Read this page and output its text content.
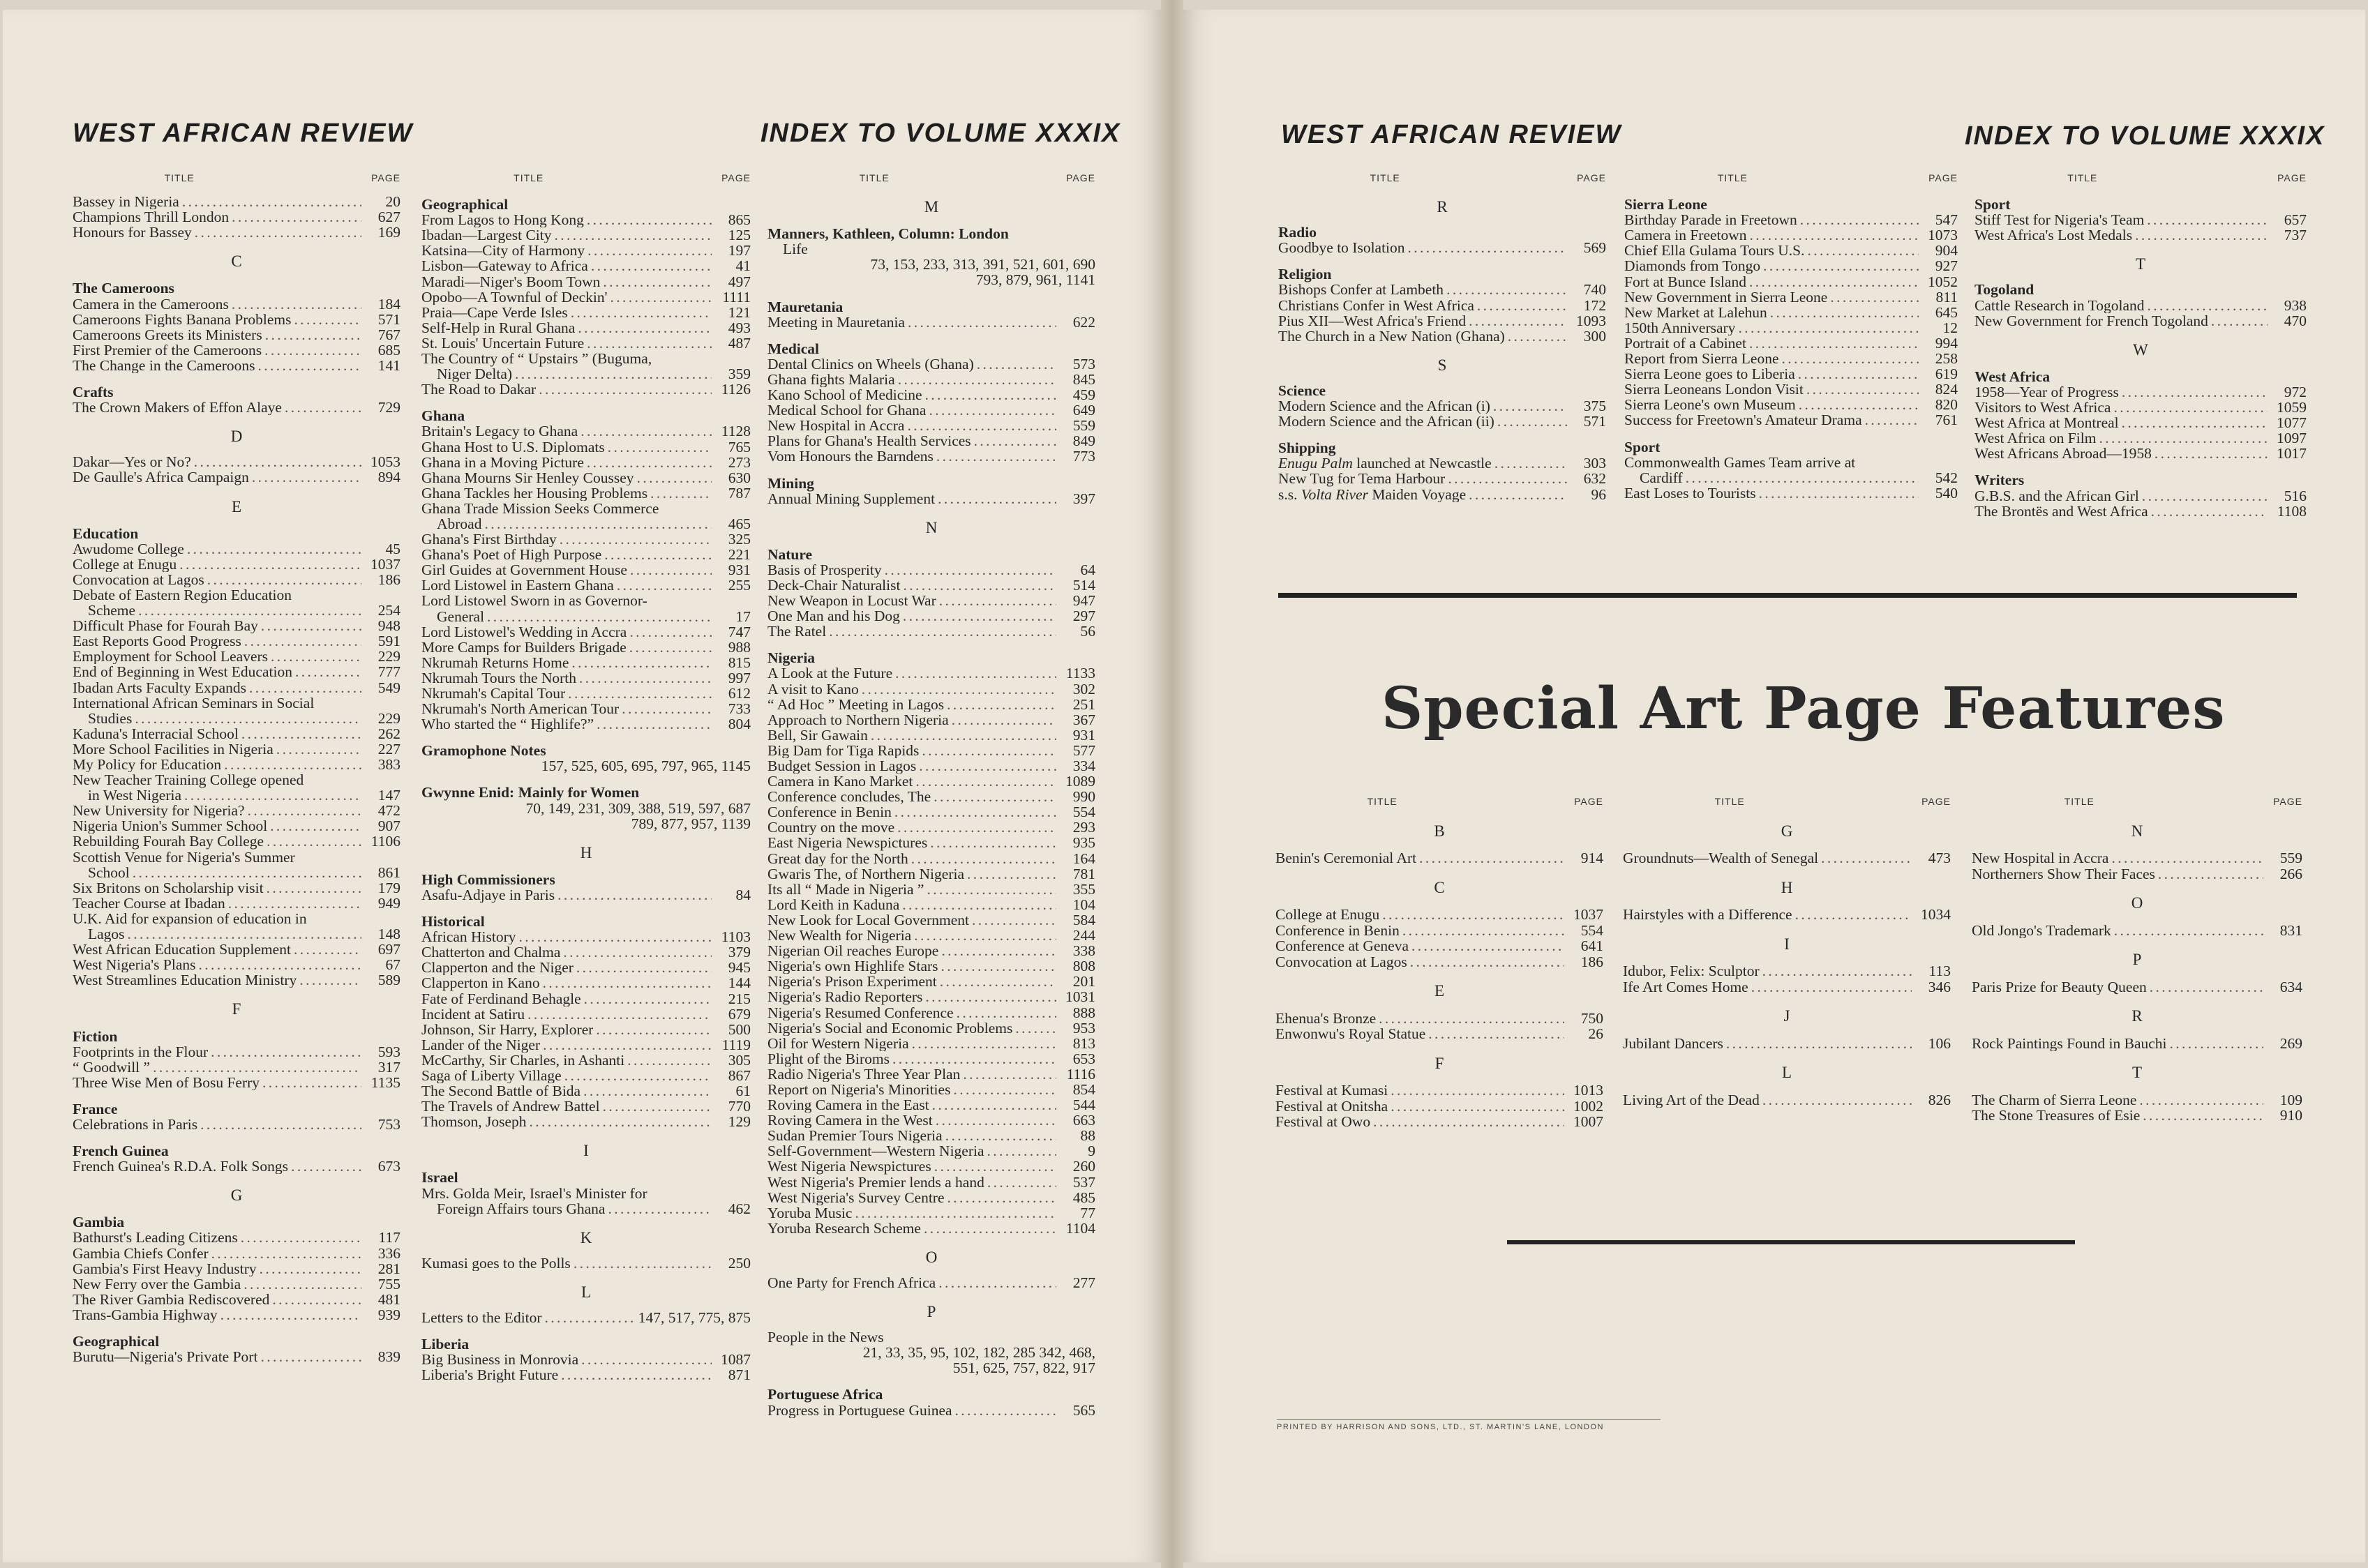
WEST AFRICAN REVIEW	INDEX TO VOLUME XXXIX	WEST AFRICAN REVIEW	INDEX TO VOLUME XXXIX
TITLE	PAGE
Bassey in Nigeria . . .	20
Champions Thrill London . . .	627
Honours for Bassey . . .	169
C
The Cameroons
Camera in the Cameroons . . .	184
Cameroons Fights Banana Problems . . .	571
Cameroons Greets its Ministers . . .	767
First Premier of the Cameroons . . .	685
The Change in the Cameroons . . .	141
Crafts
The Crown Makers of Effon Alaye . . .	729
D
Dakar—Yes or No? . . .	1053
De Gaulle's Africa Campaign . . .	894
E
Education
Awudome College . . .	45
College at Enugu . . .	1037
Convocation at Lagos . . .	186
Debate of Eastern Region Education
Scheme . . .	254
Difficult Phase for Fourah Bay . . .	948
East Reports Good Progress . . .	591
Employment for School Leavers . . .	229
End of Beginning in West Education . . .	777
Ibadan Arts Faculty Expands . . .	549
International African Seminars in Social
Studies . . .	229
Kaduna's Interracial School . . .	262
More School Facilities in Nigeria . . .	227
My Policy for Education . . .	383
New Teacher Training College opened
in West Nigeria . . .	147
New University for Nigeria? . . .	472
Nigeria Union's Summer School . . .	907
Rebuilding Fourah Bay College . . .	1106
Scottish Venue for Nigeria's Summer
School . . .	861
Six Britons on Scholarship visit . . .	179
Teacher Course at Ibadan . . .	949
U.K. Aid for expansion of education in
Lagos . . .	148
West African Education Supplement . . .	697
West Nigeria's Plans . . .	67
West Streamlines Education Ministry . . .	589
F
Fiction
Footprints in the Flour . . .	593
“ Goodwill ” . . .	317
Three Wise Men of Bosu Ferry . . .	1135
France
Celebrations in Paris . . .	753
French Guinea
French Guinea's R.D.A. Folk Songs . . .	673
G
Gambia
Bathurst's Leading Citizens . . .	117
Gambia Chiefs Confer . . .	336
Gambia's First Heavy Industry . . .	281
New Ferry over the Gambia . . .	755
The River Gambia Rediscovered . . .	481
Trans-Gambia Highway . . .	939
Geographical
Burutu—Nigeria's Private Port . . .	839
TITLE	PAGE
Geographical
From Lagos to Hong Kong . . .	865
Ibadan—Largest City . . .	125
Katsina—City of Harmony . . .	197
Lisbon—Gateway to Africa . . .	41
Maradi—Niger's Boom Town . . .	497
Opobo—A Townful of Deckin' . . .	1111
Praia—Cape Verde Isles . . .	121
Self-Help in Rural Ghana . . .	493
St. Louis' Uncertain Future . . .	487
The Country of “ Upstairs ” (Buguma,
Niger Delta) . . .	359
The Road to Dakar . . .	1126
Ghana
Britain's Legacy to Ghana . . .	1128
Ghana Host to U.S. Diplomats . . .	765
Ghana in a Moving Picture . . .	273
Ghana Mourns Sir Henley Coussey . . .	630
Ghana Tackles her Housing Problems . . .	787
Ghana Trade Mission Seeks Commerce
Abroad . . .	465
Ghana's First Birthday . . .	325
Ghana's Poet of High Purpose . . .	221
Girl Guides at Government House . . .	931
Lord Listowel in Eastern Ghana . . .	255
Lord Listowel Sworn in as Governor-
General . . .	17
Lord Listowel's Wedding in Accra . . .	747
More Camps for Builders Brigade . . .	988
Nkrumah Returns Home . . .	815
Nkrumah Tours the North . . .	997
Nkrumah's Capital Tour . . .	612
Nkrumah's North American Tour . . .	733
Who started the “ Highlife?” . . .	804
Gramophone Notes
157, 525, 605, 695, 797, 965, 1145
Gwynne Enid: Mainly for Women
70, 149, 231, 309, 388, 519, 597, 687
789, 877, 957, 1139
H
High Commissioners
Asafu-Adjaye in Paris . . .	84
Historical
African History . . .	1103
Chatterton and Chalma . . .	379
Clapperton and the Niger . . .	945
Clapperton in Kano . . .	144
Fate of Ferdinand Behagle . . .	215
Incident at Satiru . . .	679
Johnson, Sir Harry, Explorer . . .	500
Lander of the Niger . . .	1119
McCarthy, Sir Charles, in Ashanti . . .	305
Saga of Liberty Village . . .	867
The Second Battle of Bida . . .	61
The Travels of Andrew Battel . . .	770
Thomson, Joseph . . .	129
I
Israel
Mrs. Golda Meir, Israel's Minister for
Foreign Affairs tours Ghana . . .	462
K
Kumasi goes to the Polls . . .	250
L
Letters to the Editor . . .	147, 517, 775, 875
Liberia
Big Business in Monrovia . . .	1087
Liberia's Bright Future . . .	871
TITLE	PAGE
M
Manners, Kathleen, Column: London
Life
73, 153, 233, 313, 391, 521, 601, 690
793, 879, 961, 1141
Mauretania
Meeting in Mauretania . . .	622
Medical
Dental Clinics on Wheels (Ghana) . . .	573
Ghana fights Malaria . . .	845
Kano School of Medicine . . .	459
Medical School for Ghana . . .	649
New Hospital in Accra . . .	559
Plans for Ghana's Health Services . . .	849
Vom Honours the Barndens . . .	773
Mining
Annual Mining Supplement . . .	397
N
Nature
Basis of Prosperity . . .	64
Deck-Chair Naturalist . . .	514
New Weapon in Locust War . . .	947
One Man and his Dog . . .	297
The Ratel . . .	56
Nigeria
A Look at the Future . . .	1133
A visit to Kano . . .	302
“ Ad Hoc ” Meeting in Lagos . . .	251
Approach to Northern Nigeria . . .	367
Bell, Sir Gawain . . .	931
Big Dam for Tiga Rapids . . .	577
Budget Session in Lagos . . .	334
Camera in Kano Market . . .	1089
Conference concludes, The . . .	990
Conference in Benin . . .	554
Country on the move . . .	293
East Nigeria Newspictures . . .	935
Great day for the North . . .	164
Gwaris The, of Northern Nigeria . . .	781
Its all “ Made in Nigeria ” . . .	355
Lord Keith in Kaduna . . .	104
New Look for Local Government . . .	584
New Wealth for Nigeria . . .	244
Nigerian Oil reaches Europe . . .	338
Nigeria's own Highlife Stars . . .	808
Nigeria's Prison Experiment . . .	201
Nigeria's Radio Reporters . . .	1031
Nigeria's Resumed Conference . . .	888
Nigeria's Social and Economic Problems . . .	953
Oil for Western Nigeria . . .	813
Plight of the Biroms . . .	653
Radio Nigeria's Three Year Plan . . .	1116
Report on Nigeria's Minorities . . .	854
Roving Camera in the East . . .	544
Roving Camera in the West . . .	663
Sudan Premier Tours Nigeria . . .	88
Self-Government—Western Nigeria . . .	9
West Nigeria Newspictures . . .	260
West Nigeria's Premier lends a hand . . .	537
West Nigeria's Survey Centre . . .	485
Yoruba Music . . .	77
Yoruba Research Scheme . . .	1104
O
One Party for French Africa . . .	277
P
People in the News
21, 33, 35, 95, 102, 182, 285 342, 468,
551, 625, 757, 822, 917
Portuguese Africa
Progress in Portuguese Guinea . . .	565
TITLE	PAGE
R
Radio
Goodbye to Isolation . . .	569
Religion
Bishops Confer at Lambeth . . .	740
Christians Confer in West Africa . . .	172
Pius XII—West Africa's Friend . . .	1093
The Church in a New Nation (Ghana) . . .	300
S
Science
Modern Science and the African (i) . . .	375
Modern Science and the African (ii) . . .	571
Shipping
Enugu Palm launched at Newcastle . . .	303
New Tug for Tema Harbour . . .	632
s.s. Volta River Maiden Voyage . . .	96
TITLE	PAGE
Sierra Leone
Birthday Parade in Freetown . . .	547
Camera in Freetown . . .	1073
Chief Ella Gulama Tours U.S. . . .	904
Diamonds from Tongo . . .	927
Fort at Bunce Island . . .	1052
New Government in Sierra Leone . . .	811
New Market at Lalehun . . .	645
150th Anniversary . . .	12
Portrait of a Cabinet . . .	994
Report from Sierra Leone . . .	258
Sierra Leone goes to Liberia . . .	619
Sierra Leoneans London Visit . . .	824
Sierra Leone's own Museum . . .	820
Success for Freetown's Amateur Drama . . .	761
Sport
Commonwealth Games Team arrive at
Cardiff . . .	542
East Loses to Tourists . . .	540
TITLE	PAGE
Sport
Stiff Test for Nigeria's Team . . .	657
West Africa's Lost Medals . . .	737
T
Togoland
Cattle Research in Togoland . . .	938
New Government for French Togoland . . .	470
W
West Africa
1958—Year of Progress . . .	972
Visitors to West Africa . . .	1059
West Africa at Montreal . . .	1077
West Africa on Film . . .	1097
West Africans Abroad—1958 . . .	1017
Writers
G.B.S. and the African Girl . . .	516
The Brontës and West Africa . . .	1108
Special Art Page Features
TITLE	PAGE
B
Benin's Ceremonial Art . . .	914
C
College at Enugu . . .	1037
Conference in Benin . . .	554
Conference at Geneva . . .	641
Convocation at Lagos . . .	186
E
Ehenua's Bronze . . .	750
Enwonwu's Royal Statue . . .	26
F
Festival at Kumasi . . .	1013
Festival at Onitsha . . .	1002
Festival at Owo . . .	1007
TITLE	PAGE
G
Groundnuts—Wealth of Senegal . . .	473
H
Hairstyles with a Difference . . .	1034
I
Idubor, Felix: Sculptor . . .	113
Ife Art Comes Home . . .	346
J
Jubilant Dancers . . .	106
L
Living Art of the Dead . . .	826
TITLE	PAGE
N
New Hospital in Accra . . .	559
Northerners Show Their Faces . . .	266
O
Old Jongo's Trademark . . .	831
P
Paris Prize for Beauty Queen . . .	634
R
Rock Paintings Found in Bauchi . . .	269
T
The Charm of Sierra Leone . . .	109
The Stone Treasures of Esie . . .	910
PRINTED BY HARRISON AND SONS, LTD., ST. MARTIN'S LANE, LONDON
